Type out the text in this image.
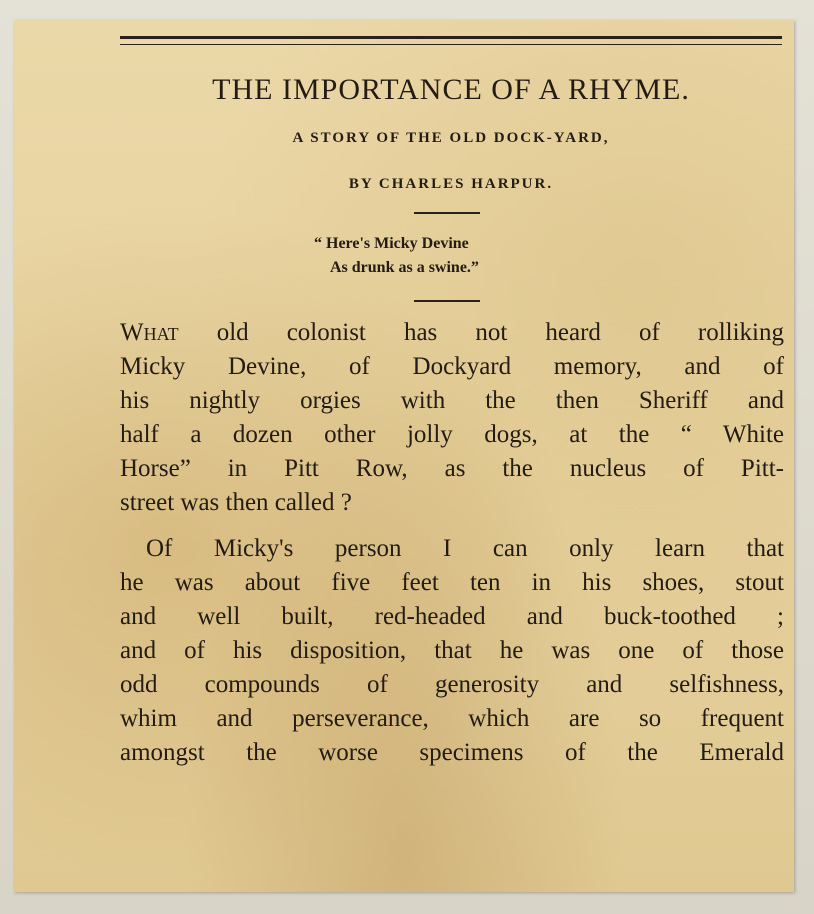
THE IMPORTANCE OF A RHYME.
A STORY OF THE OLD DOCK-YARD,
BY CHARLES HARPUR.
“ Here's Micky Devine
As drunk as a swine.”
What old colonist has not heard of rolliking
Micky Devine, of Dockyard memory, and of
his nightly orgies with the then Sheriff and
half a dozen other jolly dogs, at the “ White
Horse” in Pitt Row, as the nucleus of Pitt-
street was then called ?
Of Micky's person I can only learn that
he was about five feet ten in his shoes, stout
and well built, red-headed and buck-toothed ;
and of his disposition, that he was one of those
odd compounds of generosity and selfishness,
whim and perseverance, which are so frequent
amongst the worse specimens of the Emerald
